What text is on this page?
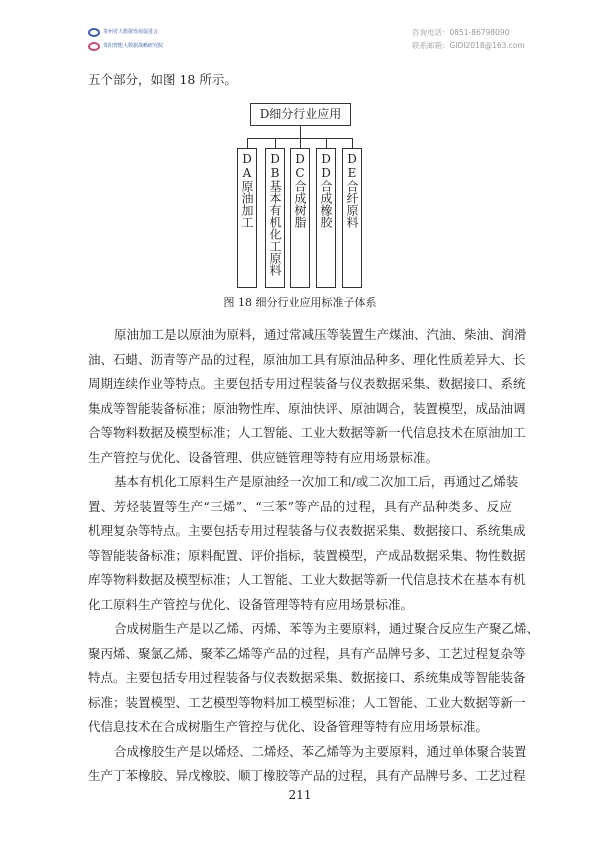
贵州省大数据发展促进会
贵阳智能大数据战略研究院
咨询电话：0851-86798090
联系邮箱：GIDI2018@163.com
五个部分，如图 18 所示。
D细分行业应用
DA原油加工 DB基本有机化工原料 DC合成树脂 DD合成橡胶 DE合纤原料
图 18 细分行业应用标准子体系
原油加工是以原油为原料，通过常减压等装置生产煤油、汽油、柴油、润滑
油、石蜡、沥青等产品的过程，原油加工具有原油品种多、理化性质差异大、长
周期连续作业等特点。主要包括专用过程装备与仪表数据采集、数据接口、系统
集成等智能装备标准；原油物性库、原油快评、原油调合，装置模型，成品油调
合等物料数据及模型标准；人工智能、工业大数据等新一代信息技术在原油加工
生产管控与优化、设备管理、供应链管理等特有应用场景标准。
基本有机化工原料生产是原油经一次加工和/或二次加工后，再通过乙烯装
置、芳烃装置等生产“三烯”、“三苯”等产品的过程，具有产品种类多、反应
机理复杂等特点。主要包括专用过程装备与仪表数据采集、数据接口、系统集成
等智能装备标准；原料配置、评价指标，装置模型，产成品数据采集、物性数据
库等物料数据及模型标准；人工智能、工业大数据等新一代信息技术在基本有机
化工原料生产管控与优化、设备管理等特有应用场景标准。
合成树脂生产是以乙烯、丙烯、苯等为主要原料，通过聚合反应生产聚乙烯、
聚丙烯、聚氯乙烯、聚苯乙烯等产品的过程，具有产品牌号多、工艺过程复杂等
特点。主要包括专用过程装备与仪表数据采集、数据接口、系统集成等智能装备
标准；装置模型、工艺模型等物料加工模型标准；人工智能、工业大数据等新一
代信息技术在合成树脂生产管控与优化、设备管理等特有应用场景标准。
合成橡胶生产是以烯烃、二烯烃、苯乙烯等为主要原料，通过单体聚合装置
生产丁苯橡胶、异戊橡胶、顺丁橡胶等产品的过程，具有产品牌号多、工艺过程
211
